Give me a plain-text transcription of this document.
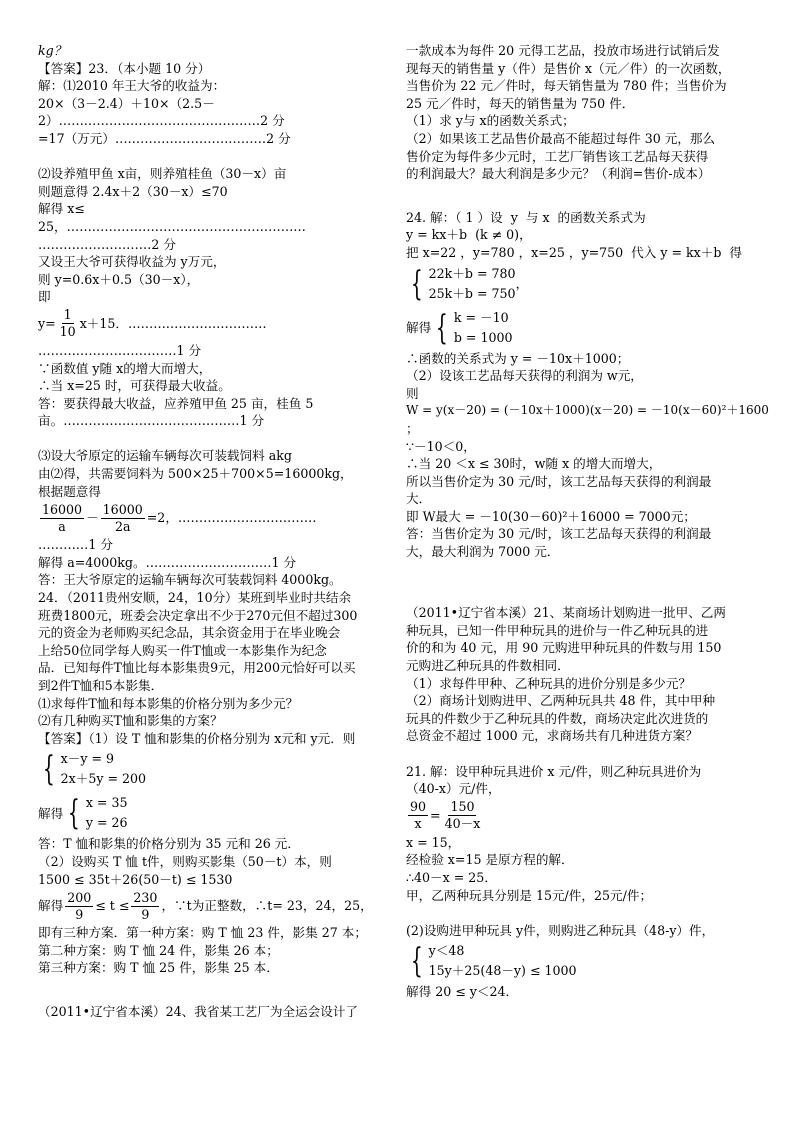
kg？
【答案】23．（本小题 10 分）
解：⑴2010 年王大爷的收益为：
20×（3－2.4）＋10×（2.5－
2）…………………………………………2 分
=17（万元）………………………………2 分
⑵设养殖甲鱼 x亩，则养殖桂鱼（30－x）亩
则题意得 2.4x＋2（30－x）≤70
解得 x≤
25，…………………………………………………
………………………2 分
又设王大爷可获得收益为 y万元，
则 y=0.6x＋0.5（30－x），
即
$y= \frac{1}{10} x+15$．……………………………
……………………………1 分
∵函数值 y随 x的增大而增大，
∴当 x=25 时，可获得最大收益。
答：要获得最大收益，应养殖甲鱼 25 亩，桂鱼 5
亩。……………………………………1 分
⑶设大爷原定的运输车辆每次可装载饲料 akg
由⑵得，共需要饲料为 500×25＋700×5=16000kg，
根据题意得
$\frac{16000}{a} - \frac{16000}{2a} =2$，……………………………
…………1 分
解得 a=4000kg。…………………………1 分
答：王大爷原定的运输车辆每次可装载饲料 4000kg。
24．（2011贵州安顺，24，10分）某班到毕业时共结余
班费1800元，班委会决定拿出不少于270元但不超过300
元的资金为老师购买纪念品，其余资金用于在毕业晚会
上给50位同学每人购买一件T恤或一本影集作为纪念
品．已知每件T恤比每本影集贵9元，用200元恰好可以买
到2件T恤和5本影集．
⑴求每件T恤和每本影集的价格分别为多少元？
⑵有几种购买T恤和影集的方案？
【答案】（1）设 T 恤和影集的价格分别为 x元和 y元．则
{ x－y = 9
2x＋5y = 200
解得 { x = 35
y = 26
答：T 恤和影集的价格分别为 35 元和 26 元．
（2）设购买 T 恤 t件，则购买影集（50－t）本，则
1500 ≤ 35t＋26(50－t) ≤ 1530
解得 $\frac{200}{9} \le t \le \frac{230}{9}$ ，∵t为正整数，∴t= 23，24，25，
即有三种方案．第一种方案：购 T 恤 23 件，影集 27 本；
第二种方案：购 T 恤 24 件，影集 26 本；
第三种方案：购 T 恤 25 件，影集 25 本．
（2011•辽宁省本溪）24、我省某工艺厂为全运会设计了
一款成本为每件 20 元得工艺品，投放市场进行试销后发
现每天的销售量 y（件）是售价 x（元／件）的一次函数，
当售价为 22 元／件时，每天销售量为 780 件；当售价为
25 元／件时，每天的销售量为 750 件．
（1）求 y与 x的函数关系式；
（2）如果该工艺品售价最高不能超过每件 30 元，那么
售价定为每件多少元时，工艺厂销售该工艺品每天获得
的利润最大？最大利润是多少元？（利润=售价-成本）
24. 解：（ 1 ）设  y  与 x  的函数关系式为
y = kx＋b  (k ≠ 0)，
把 x=22 ，y=780 ，x=25 ，y=750  代入 y = kx＋b  得
{ 22k＋b = 780
25k＋b = 750
，
解得 { k = －10
b = 1000
∴函数的关系式为 y = －10x＋1000；
（2）设该工艺品每天获得的利润为 w元，
则
W = y(x－20) = (－10x＋1000)(x－20) = －10(x－60)²＋1600
；
∵－10＜0，
∴当 20 ＜x ≤ 30时，w随 x 的增大而增大，
所以当售价定为 30 元/时，该工艺品每天获得的利润最
大．
即 W最大 = －10(30－60)²＋16000 = 7000元；
答：当售价定为 30 元/时，该工艺品每天获得的利润最
大，最大利润为 7000 元．
（2011•辽宁省本溪）21、某商场计划购进一批甲、乙两
种玩具，已知一件甲种玩具的进价与一件乙种玩具的进
价的和为 40 元，用 90 元购进甲种玩具的件数与用 150
元购进乙种玩具的件数相同．
（1）求每件甲种、乙种玩具的进价分别是多少元？
（2）商场计划购进甲、乙两种玩具共 48 件，其中甲种
玩具的件数少于乙种玩具的件数，商场决定此次进货的
总资金不超过 1000 元，求商场共有几种进货方案？
21. 解：设甲种玩具进价 x 元/件，则乙种玩具进价为
（40-x）元/件，
$\frac{90}{x} = \frac{150}{40-x}$
x = 15，
经检验 x=15 是原方程的解．
∴40－x = 25．
甲，乙两种玩具分别是 15元/件，25元/件；
(2)设购进甲种玩具 y件，则购进乙种玩具（48-y）件，
{ y＜48
15y＋25(48－y) ≤ 1000
解得 20 ≤ y＜24．
